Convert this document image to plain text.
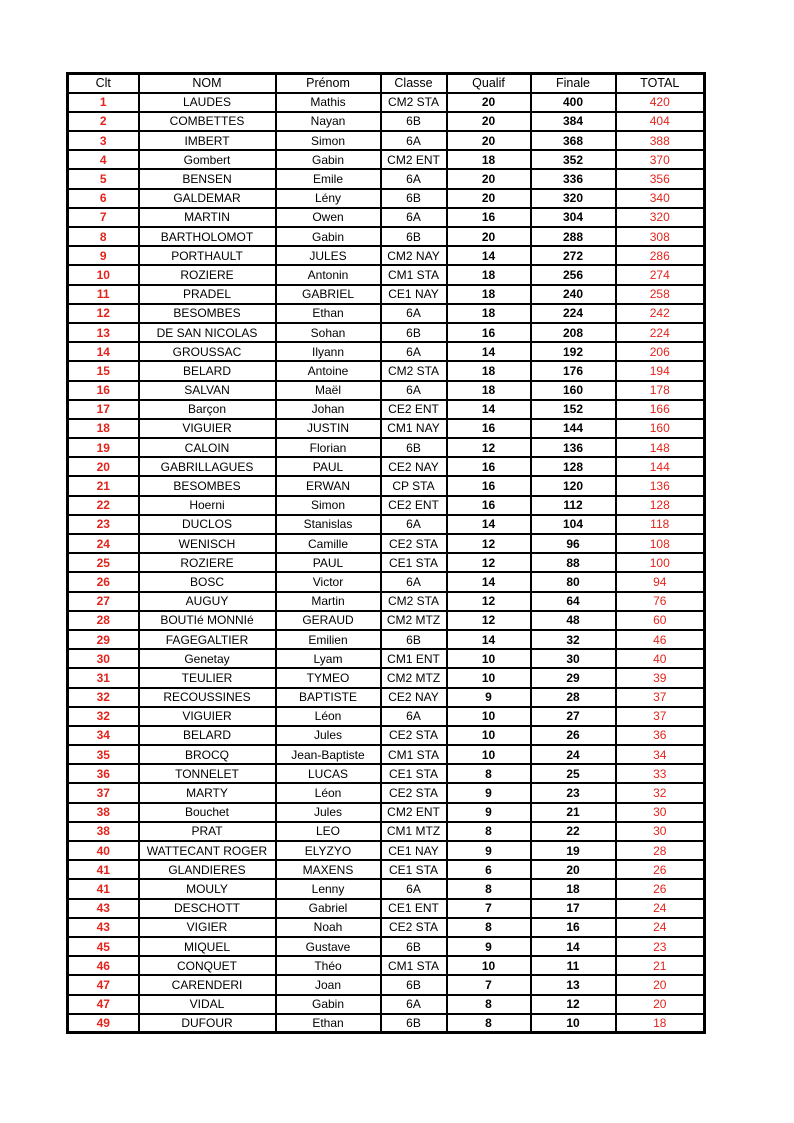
Clt	NOM	Prénom	Classe	Qualif	Finale	TOTAL
1	LAUDES	Mathis	CM2 STA	20	400	420
2	COMBETTES	Nayan	6B	20	384	404
3	IMBERT	Simon	6A	20	368	388
4	Gombert	Gabin	CM2 ENT	18	352	370
5	BENSEN	Emile	6A	20	336	356
6	GALDEMAR	Lény	6B	20	320	340
7	MARTIN	Owen	6A	16	304	320
8	BARTHOLOMOT	Gabin	6B	20	288	308
9	PORTHAULT	JULES	CM2 NAY	14	272	286
10	ROZIERE	Antonin	CM1 STA	18	256	274
11	PRADEL	GABRIEL	CE1 NAY	18	240	258
12	BESOMBES	Ethan	6A	18	224	242
13	DE SAN NICOLAS	Sohan	6B	16	208	224
14	GROUSSAC	Ilyann	6A	14	192	206
15	BELARD	Antoine	CM2 STA	18	176	194
16	SALVAN	Maël	6A	18	160	178
17	Barçon	Johan	CE2 ENT	14	152	166
18	VIGUIER	JUSTIN	CM1 NAY	16	144	160
19	CALOIN	Florian	6B	12	136	148
20	GABRILLAGUES	PAUL	CE2 NAY	16	128	144
21	BESOMBES	ERWAN	CP STA	16	120	136
22	Hoerni	Simon	CE2 ENT	16	112	128
23	DUCLOS	Stanislas	6A	14	104	118
24	WENISCH	Camille	CE2 STA	12	96	108
25	ROZIERE	PAUL	CE1 STA	12	88	100
26	BOSC	Victor	6A	14	80	94
27	AUGUY	Martin	CM2 STA	12	64	76
28	BOUTIé MONNIé	GERAUD	CM2 MTZ	12	48	60
29	FAGEGALTIER	Emilien	6B	14	32	46
30	Genetay	Lyam	CM1 ENT	10	30	40
31	TEULIER	TYMEO	CM2 MTZ	10	29	39
32	RECOUSSINES	BAPTISTE	CE2 NAY	9	28	37
32	VIGUIER	Léon	6A	10	27	37
34	BELARD	Jules	CE2 STA	10	26	36
35	BROCQ	Jean-Baptiste	CM1 STA	10	24	34
36	TONNELET	LUCAS	CE1 STA	8	25	33
37	MARTY	Léon	CE2 STA	9	23	32
38	Bouchet	Jules	CM2 ENT	9	21	30
38	PRAT	LEO	CM1 MTZ	8	22	30
40	WATTECANT ROGER	ELYZYO	CE1 NAY	9	19	28
41	GLANDIERES	MAXENS	CE1 STA	6	20	26
41	MOULY	Lenny	6A	8	18	26
43	DESCHOTT	Gabriel	CE1 ENT	7	17	24
43	VIGIER	Noah	CE2 STA	8	16	24
45	MIQUEL	Gustave	6B	9	14	23
46	CONQUET	Théo	CM1 STA	10	11	21
47	CARENDERI	Joan	6B	7	13	20
47	VIDAL	Gabin	6A	8	12	20
49	DUFOUR	Ethan	6B	8	10	18
